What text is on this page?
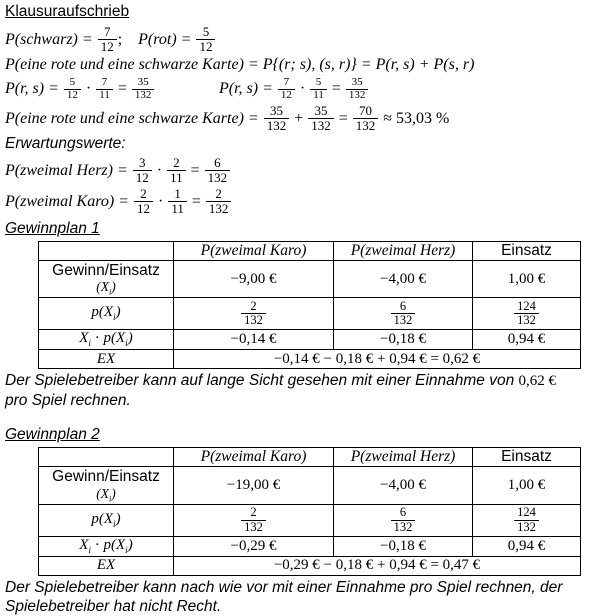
Klausuraufschrieb
P(schwarz) = $\frac{7}{12}$ ;  $P(rot) = \frac{5}{12}$
P(eine rote und eine schwarze Karte) = P{(r; s), (s, r)} = P(r, s) + P(s, r)
P(r, $s) = \frac{5}{12} \cdot \frac{7}{11} = \frac{35}{132}$	P(r, $s) = \frac{7}{12} \cdot \frac{5}{11} = \frac{35}{132}$
P(eine rote und eine schwarze Karte) = $\frac{35}{132} + \frac{35}{132} = \frac{70}{132} \approx 53,03$ %
Erwartungswerte:
P(zweimal Herz) = $\frac{3}{12} \cdot \frac{2}{11} = \frac{6}{132}$
P(zweimal Karo) = $\frac{2}{12} \cdot \frac{1}{11} = \frac{2}{132}$
Gewinnplan 1
	P(zweimal Karo)	P(zweimal Herz)	Einsatz

Gewinn/Einsatz
$(X_i)$	−9,00 €	−4,00 €	1,00 €
$p(X_i)$	$\frac{2}{132}$	$\frac{6}{132}$	$\frac{124}{132}$

$X_i \cdot p(X_i)$	−0,14 €	−0,18 €	0,94 €
EX	−0,14 € − 0,18 € + 0,94 € = 0,62 €		
Der Spielebetreiber kann auf lange Sicht gesehen mit einer Einnahme von 0,62 €
pro Spiel rechnen.
Gewinnplan 2
	P(zweimal Karo)	P(zweimal Herz)	Einsatz

Gewinn/Einsatz
$(X_i)$	−19,00 €	−4,00 €	1,00 €
$p(X_i)$	$\frac{2}{132}$	$\frac{6}{132}$	$\frac{124}{132}$

$X_i \cdot p(X_i)$	−0,29 €	−0,18 €	0,94 €
EX	−0,29 € − 0,18 € + 0,94 € = 0,47 €		
Der Spielebetreiber kann nach wie vor mit einer Einnahme pro Spiel rechnen, der
Spielebetreiber hat nicht Recht.
